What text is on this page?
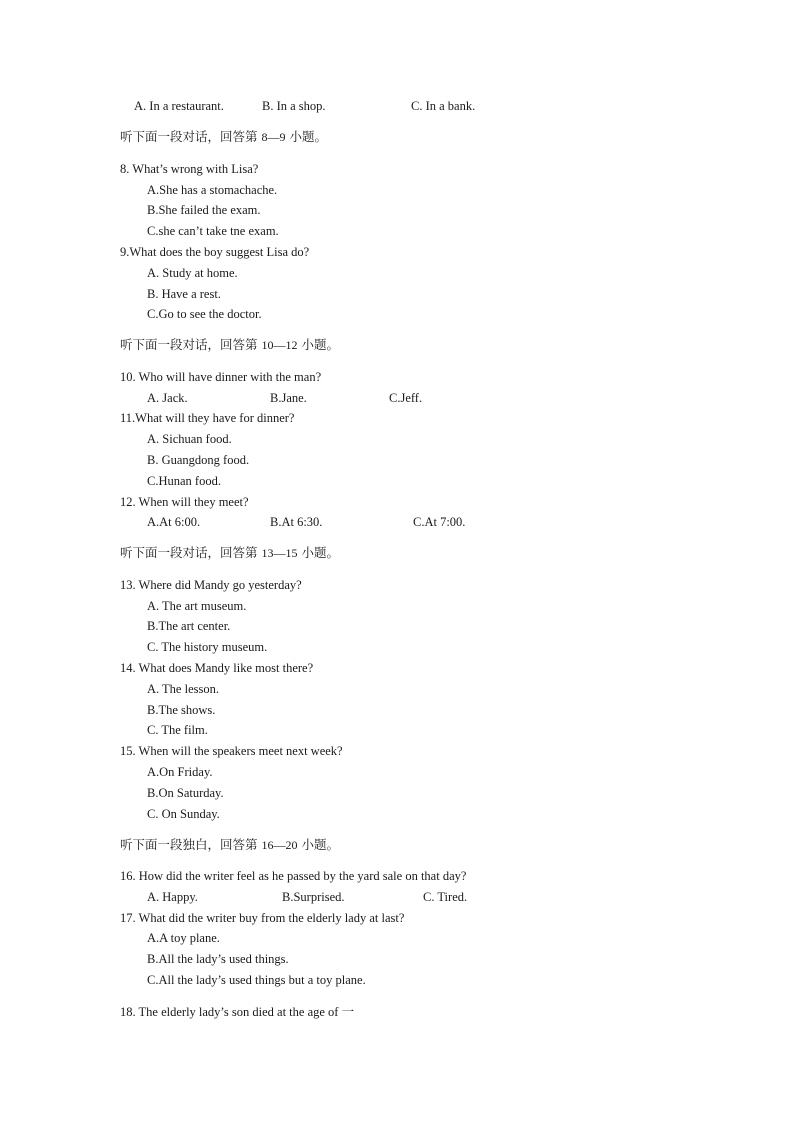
A. In a restaurant.	B. In a shop.	C. In a bank.
听下面一段对话，回答第 8—9 小题。
8. What’s wrong with Lisa?
A.She has a stomachache.
B.She failed the exam.
C.she can’t take tne exam.
9.What does the boy suggest Lisa do?
A. Study at home.
B. Have a rest.
C.Go to see the doctor.
听下面一段对话，回答第 10—12 小题。
10. Who will have dinner with the man?
A. Jack.	B.Jane.	C.Jeff.
11.What will they have for dinner?
A. Sichuan food.
B. Guangdong food.
C.Hunan food.
12. When will they meet?
A.At 6:00.	B.At 6:30.	C.At 7:00.
听下面一段对话，回答第 13—15 小题。
13. Where did Mandy go yesterday?
A. The art museum.
B.The art center.
C. The history museum.
14. What does Mandy like most there?
A. The lesson.
B.The shows.
C. The film.
15. When will the speakers meet next week?
A.On Friday.
B.On Saturday.
C. On Sunday.
听下面一段独白，回答第 16—20 小题。
16. How did the writer feel as he passed by the yard sale on that day?
A. Happy.	B.Surprised.	C. Tired.
17. What did the writer buy from the elderly lady at last?
A.A toy plane.
B.All the lady’s used things.
C.All the lady’s used things but a toy plane.
18. The elderly lady’s son died at the age of 一
